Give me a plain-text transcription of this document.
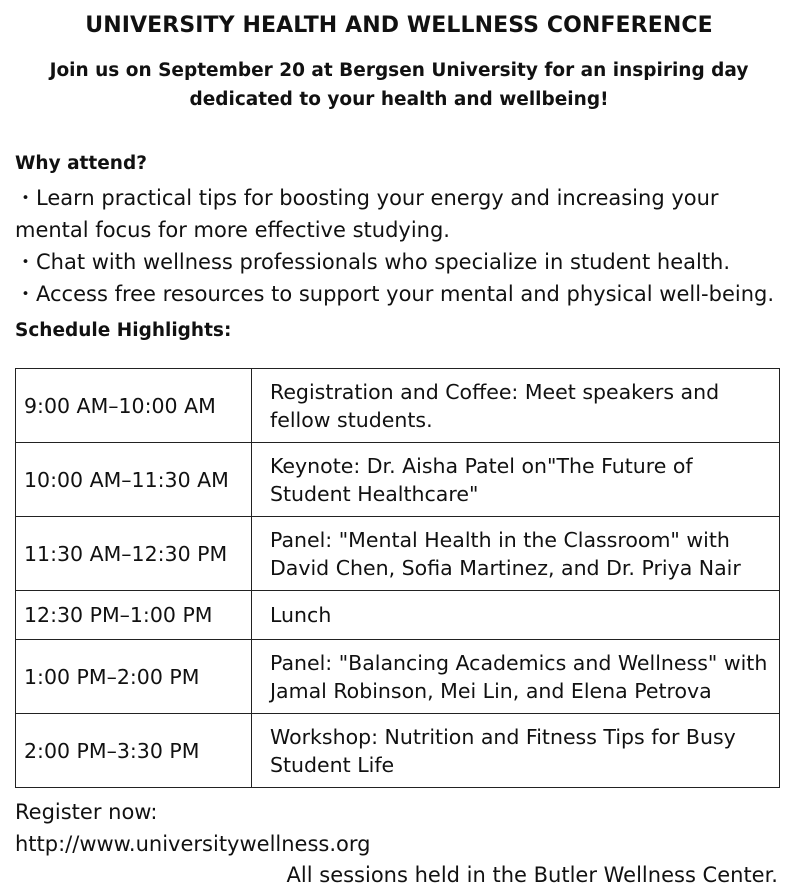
UNIVERSITY HEALTH AND WELLNESS CONFERENCE
Join us on September 20 at Bergsen University for an inspiring day dedicated to your health and wellbeing!
Why attend?
・Learn practical tips for boosting your energy and increasing your mental focus for more effective studying.
・Chat with wellness professionals who specialize in student health.
・Access free resources to support your mental and physical well-being.
Schedule Highlights:
9:00 AM–10:00 AM	Registration and Coffee: Meet speakers and fellow students.
10:00 AM–11:30 AM	Keynote: Dr. Aisha Patel on"The Future of Student Healthcare"
11:30 AM–12:30 PM	Panel: "Mental Health in the Classroom" with David Chen, Sofia Martinez, and Dr. Priya Nair
12:30 PM–1:00 PM	Lunch
1:00 PM–2:00 PM	Panel: "Balancing Academics and Wellness" with Jamal Robinson, Mei Lin, and Elena Petrova
2:00 PM–3:30 PM	Workshop: Nutrition and Fitness Tips for Busy Student Life
Register now:
http://www.universitywellness.org
All sessions held in the Butler Wellness Center.
